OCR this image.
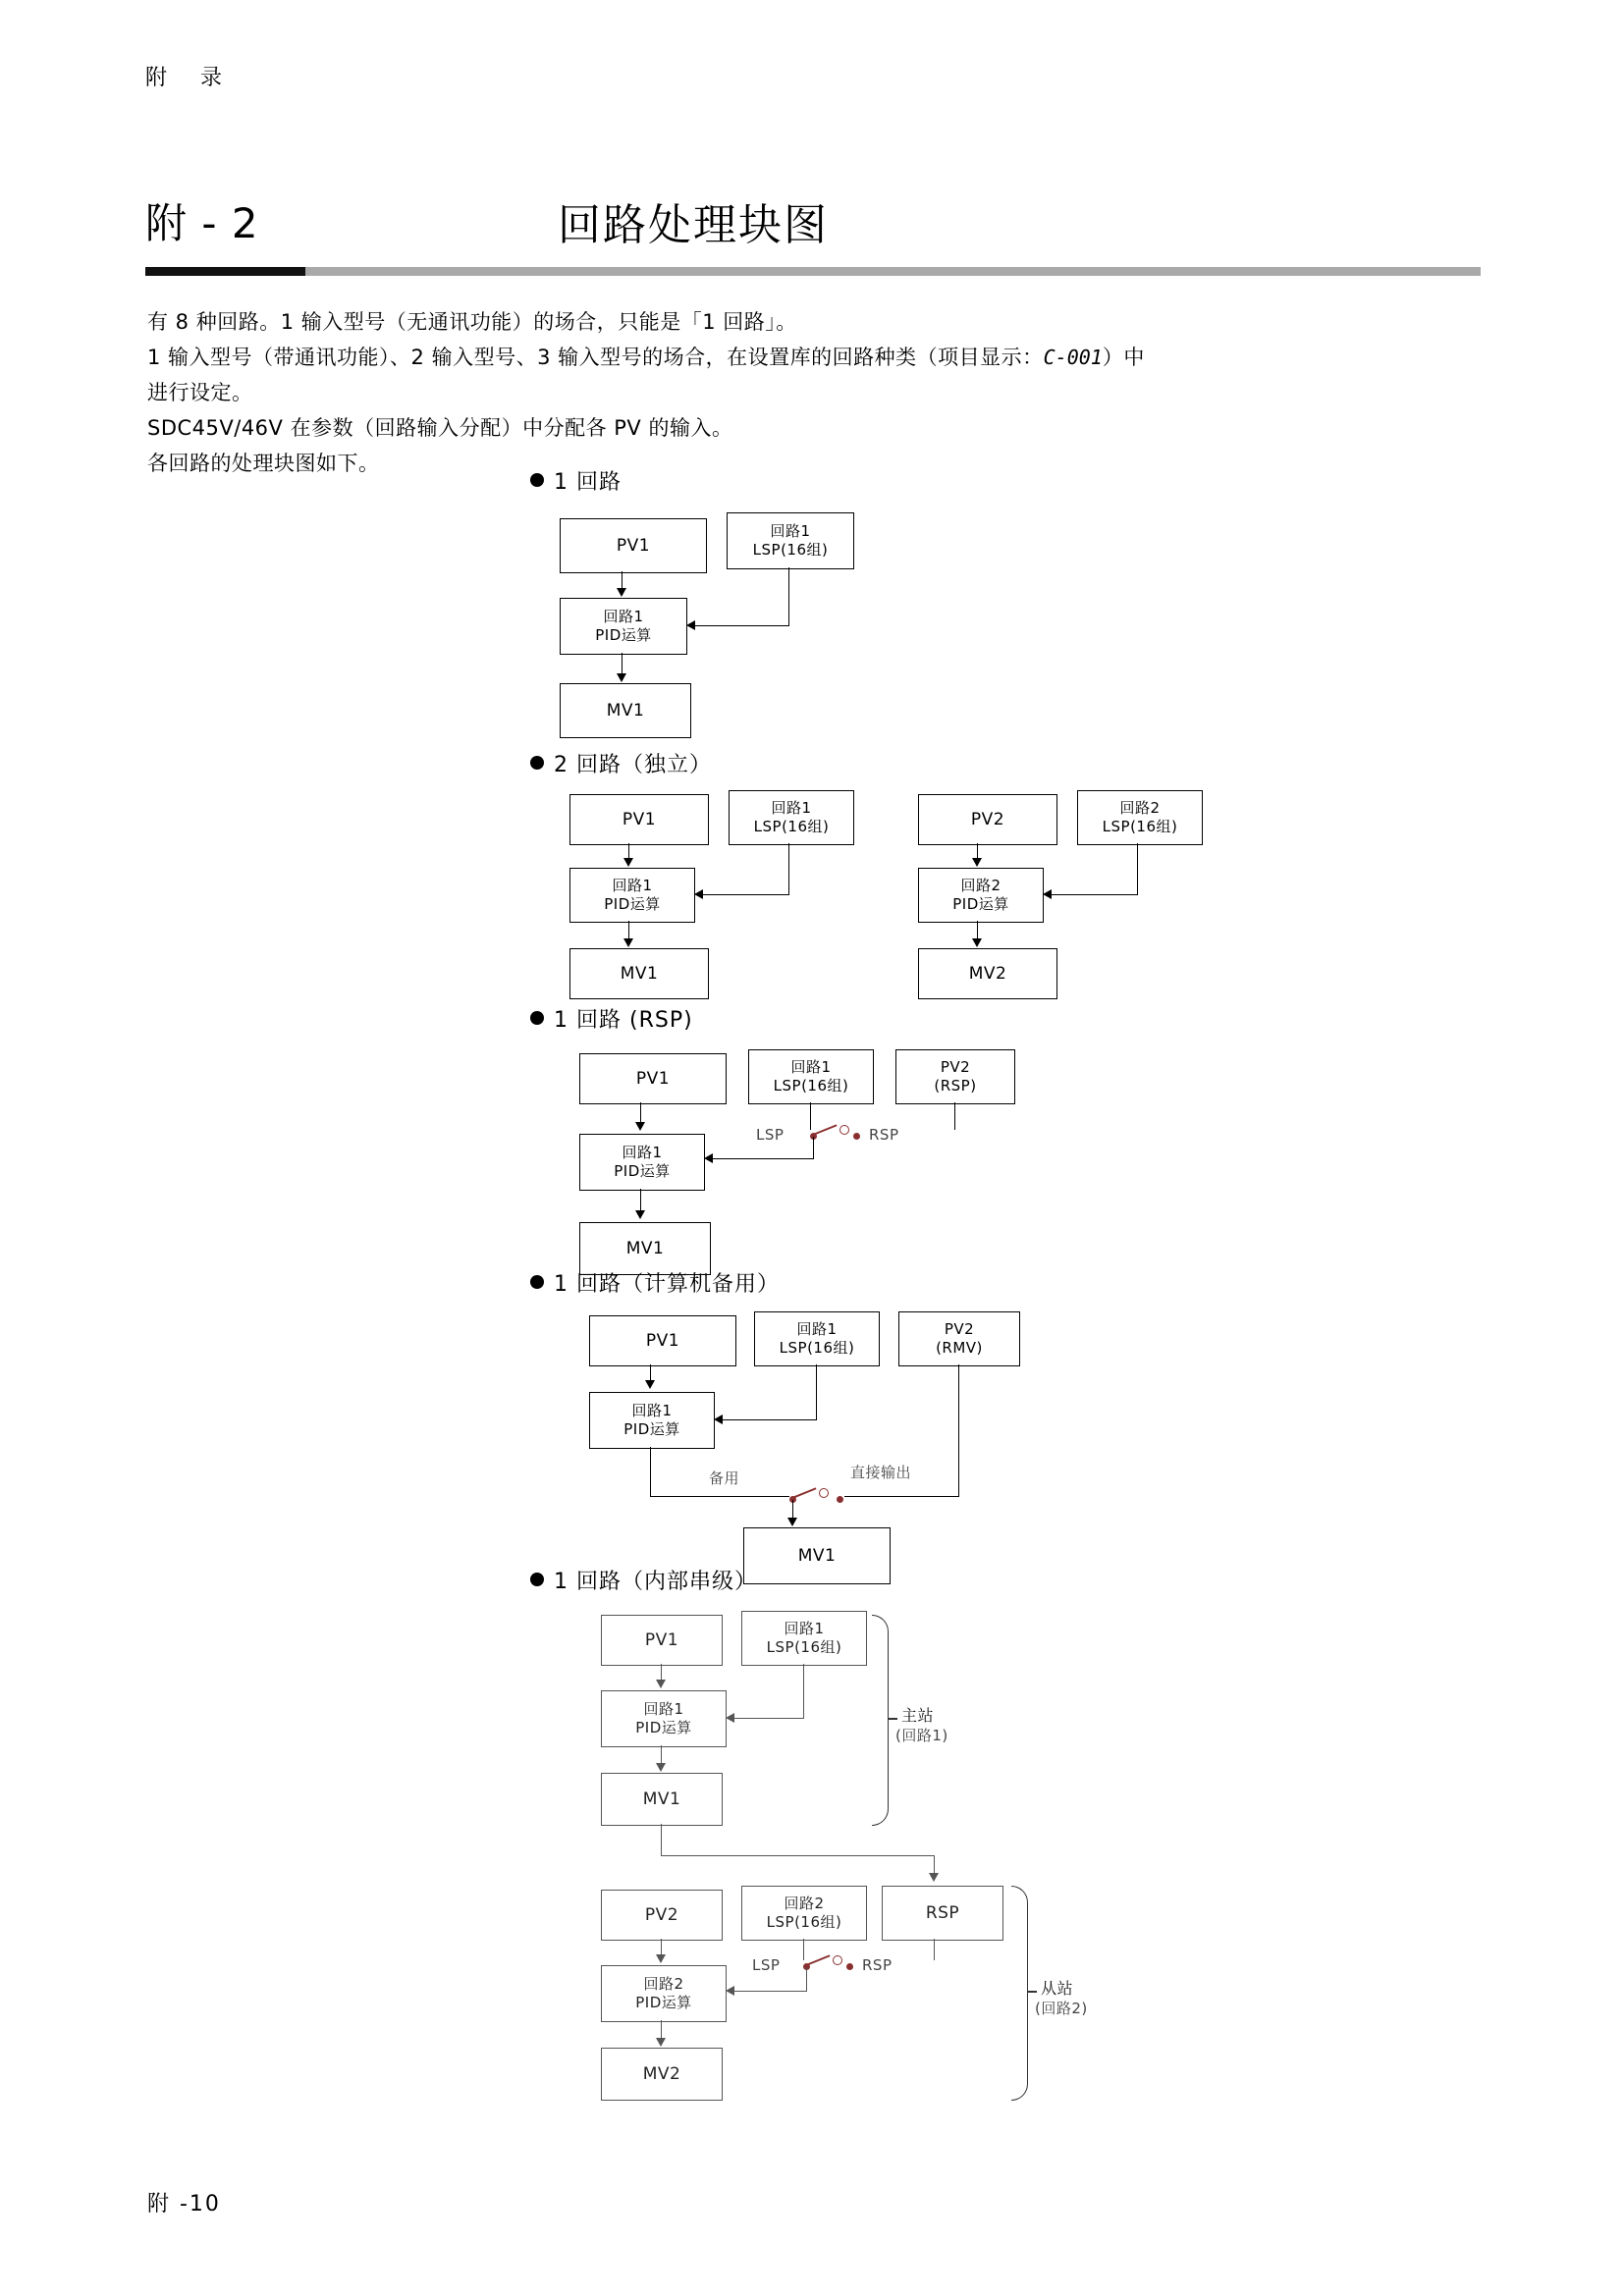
附　录
附 - 2	回路处理块图
有 8 种回路。1 输入型号（无通讯功能）的场合，只能是「1 回路」。
1 输入型号（带通讯功能）、2 输入型号、3 输入型号的场合，在设置库的回路种类（项目显示：C-001）中
进行设定。
SDC45V/46V 在参数（回路输入分配）中分配各 PV 的输入。
各回路的处理块图如下。
1 回路
PV1
回路1
LSP(16组)
回路1
PID运算
MV1
2 回路（独立）
PV1
回路1
LSP(16组)
回路1
PID运算
MV1
PV2
回路2
LSP(16组)
回路2
PID运算
MV2
1 回路 (RSP)
PV1
回路1
LSP(16组)
PV2
(RSP)
回路1
PID运算
MV1
LSP	RSP
1 回路（计算机备用）
PV1
回路1
LSP(16组)
PV2
(RMV)
回路1
PID运算
MV1
备用	直接输出
1 回路（内部串级）
PV1
回路1
LSP(16组)
回路1
PID运算
MV1
主站
(回路1)
PV2
回路2
LSP(16组)	RSP
回路2
PID运算
MV2
LSP	RSP
从站
(回路2)
附 -10
